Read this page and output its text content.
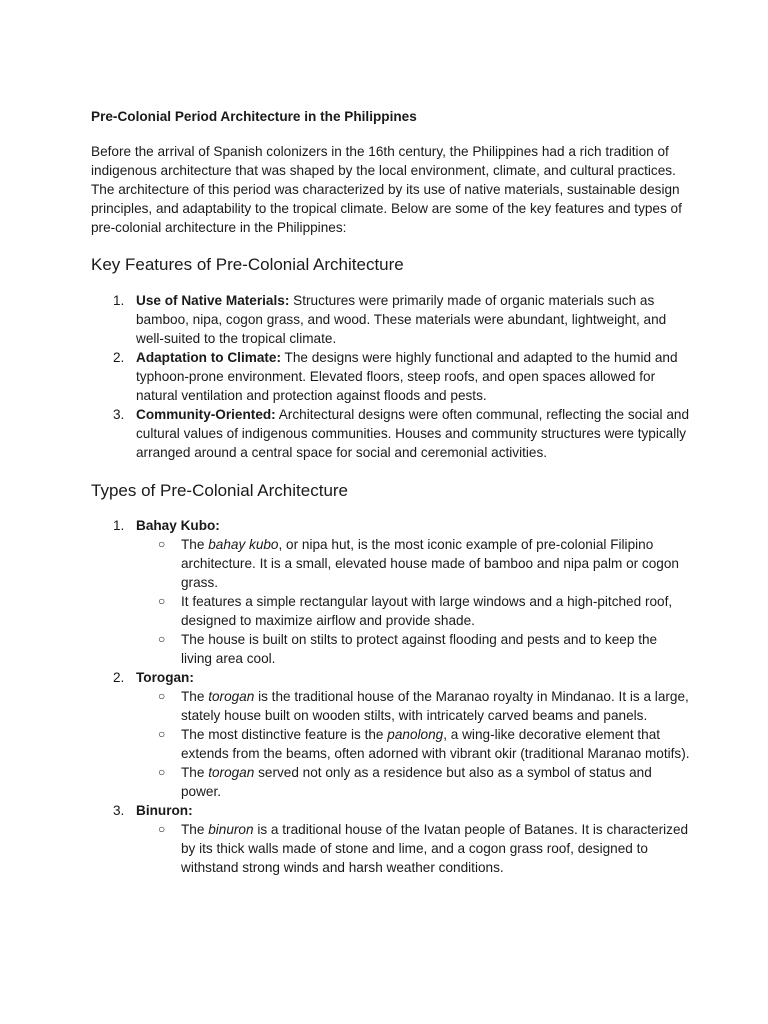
Pre-Colonial Period Architecture in the Philippines

Before the arrival of Spanish colonizers in the 16th century, the Philippines had a rich tradition of indigenous architecture that was shaped by the local environment, climate, and cultural practices. The architecture of this period was characterized by its use of native materials, sustainable design principles, and adaptability to the tropical climate. Below are some of the key features and types of pre-colonial architecture in the Philippines:

Key Features of Pre-Colonial Architecture
1. Use of Native Materials: Structures were primarily made of organic materials such as bamboo, nipa, cogon grass, and wood. These materials were abundant, lightweight, and well-suited to the tropical climate.
2. Adaptation to Climate: The designs were highly functional and adapted to the humid and typhoon-prone environment. Elevated floors, steep roofs, and open spaces allowed for natural ventilation and protection against floods and pests.
3. Community-Oriented: Architectural designs were often communal, reflecting the social and cultural values of indigenous communities. Houses and community structures were typically arranged around a central space for social and ceremonial activities.
Types of Pre-Colonial Architecture
1. Bahay Kubo:
○ The bahay kubo, or nipa hut, is the most iconic example of pre-colonial Filipino architecture. It is a small, elevated house made of bamboo and nipa palm or cogon grass.
○ It features a simple rectangular layout with large windows and a high-pitched roof, designed to maximize airflow and provide shade.
○ The house is built on stilts to protect against flooding and pests and to keep the living area cool.
2. Torogan:
○ The torogan is the traditional house of the Maranao royalty in Mindanao. It is a large, stately house built on wooden stilts, with intricately carved beams and panels.
○ The most distinctive feature is the panolong, a wing-like decorative element that extends from the beams, often adorned with vibrant okir (traditional Maranao motifs).
○ The torogan served not only as a residence but also as a symbol of status and power.
3. Binuron:
○ The binuron is a traditional house of the Ivatan people of Batanes. It is characterized by its thick walls made of stone and lime, and a cogon grass roof, designed to withstand strong winds and harsh weather conditions.
